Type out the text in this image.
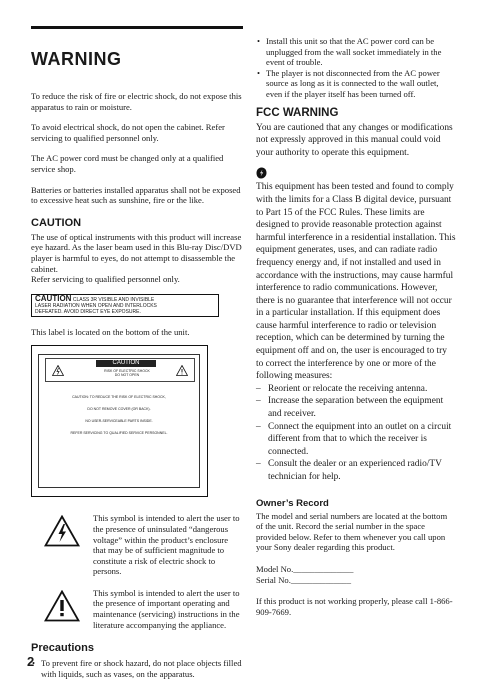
WARNING

To reduce the risk of fire or electric shock, do not expose this apparatus to rain or moisture.

To avoid electrical shock, do not open the cabinet. Refer servicing to qualified personnel only.

The AC power cord must be changed only at a qualified service shop.

Batteries or batteries installed apparatus shall not be exposed to excessive heat such as sunshine, fire or the like.

CAUTION

The use of optical instruments with this product will increase eye hazard. As the laser beam used in this Blu-ray Disc/DVD player is harmful to eyes, do not attempt to disassemble the cabinet.

Refer servicing to qualified personnel only.

CAUTION CLASS 3R VISIBLE AND INVISIBLE
LASER RADIATION WHEN OPEN AND INTERLOCKS
DEFEATED. AVOID DIRECT EYE EXPOSURE.

This label is located on the bottom of the unit.

CAUTION
RISK OF ELECTRIC SHOCK
DO NOT OPEN
CAUTION: TO REDUCE THE RISK OF ELECTRIC SHOCK,
DO NOT REMOVE COVER (OR BACK).
NO USER-SERVICEABLE PARTS INSIDE.
REFER SERVICING TO QUALIFIED SERVICE PERSONNEL.

This symbol is intended to alert the user to the presence of uninsulated “dangerous voltage” within the product’s enclosure that may be of sufficient magnitude to constitute a risk of electric shock to persons.

This symbol is intended to alert the user to the presence of important operating and maintenance (servicing) instructions in the literature accompanying the appliance.

Precautions
• To prevent fire or shock hazard, do not place objects filled with liquids, such as vases, on the apparatus.
• Install this unit so that the AC power cord can be unplugged from the wall socket immediately in the event of trouble.
• The player is not disconnected from the AC power source as long as it is connected to the wall outlet, even if the player itself has been turned off.
FCC WARNING

You are cautioned that any changes or modifications not expressly approved in this manual could void your authority to operate this equipment.

This equipment has been tested and found to comply with the limits for a Class B digital device, pursuant to Part 15 of the FCC Rules. These limits are designed to provide reasonable protection against harmful interference in a residential installation. This equipment generates, uses, and can radiate radio frequency energy and, if not installed and used in accordance with the instructions, may cause harmful interference to radio communications. However, there is no guarantee that interference will not occur in a particular installation. If this equipment does cause harmful interference to radio or television reception, which can be determined by turning the equipment off and on, the user is encouraged to try to correct the interference by one or more of the following measures:

– Reorient or relocate the receiving antenna.
– Increase the separation between the equipment and receiver.
– Connect the equipment into an outlet on a circuit different from that to which the receiver is connected.
– Consult the dealer or an experienced radio/TV technician for help.
Owner’s Record

The model and serial numbers are located at the bottom of the unit. Record the serial number in the space provided below. Refer to them whenever you call upon your Sony dealer regarding this product.

Model No.______________

Serial No.______________

If this product is not working properly, please call 1-866-909-7669.

2
